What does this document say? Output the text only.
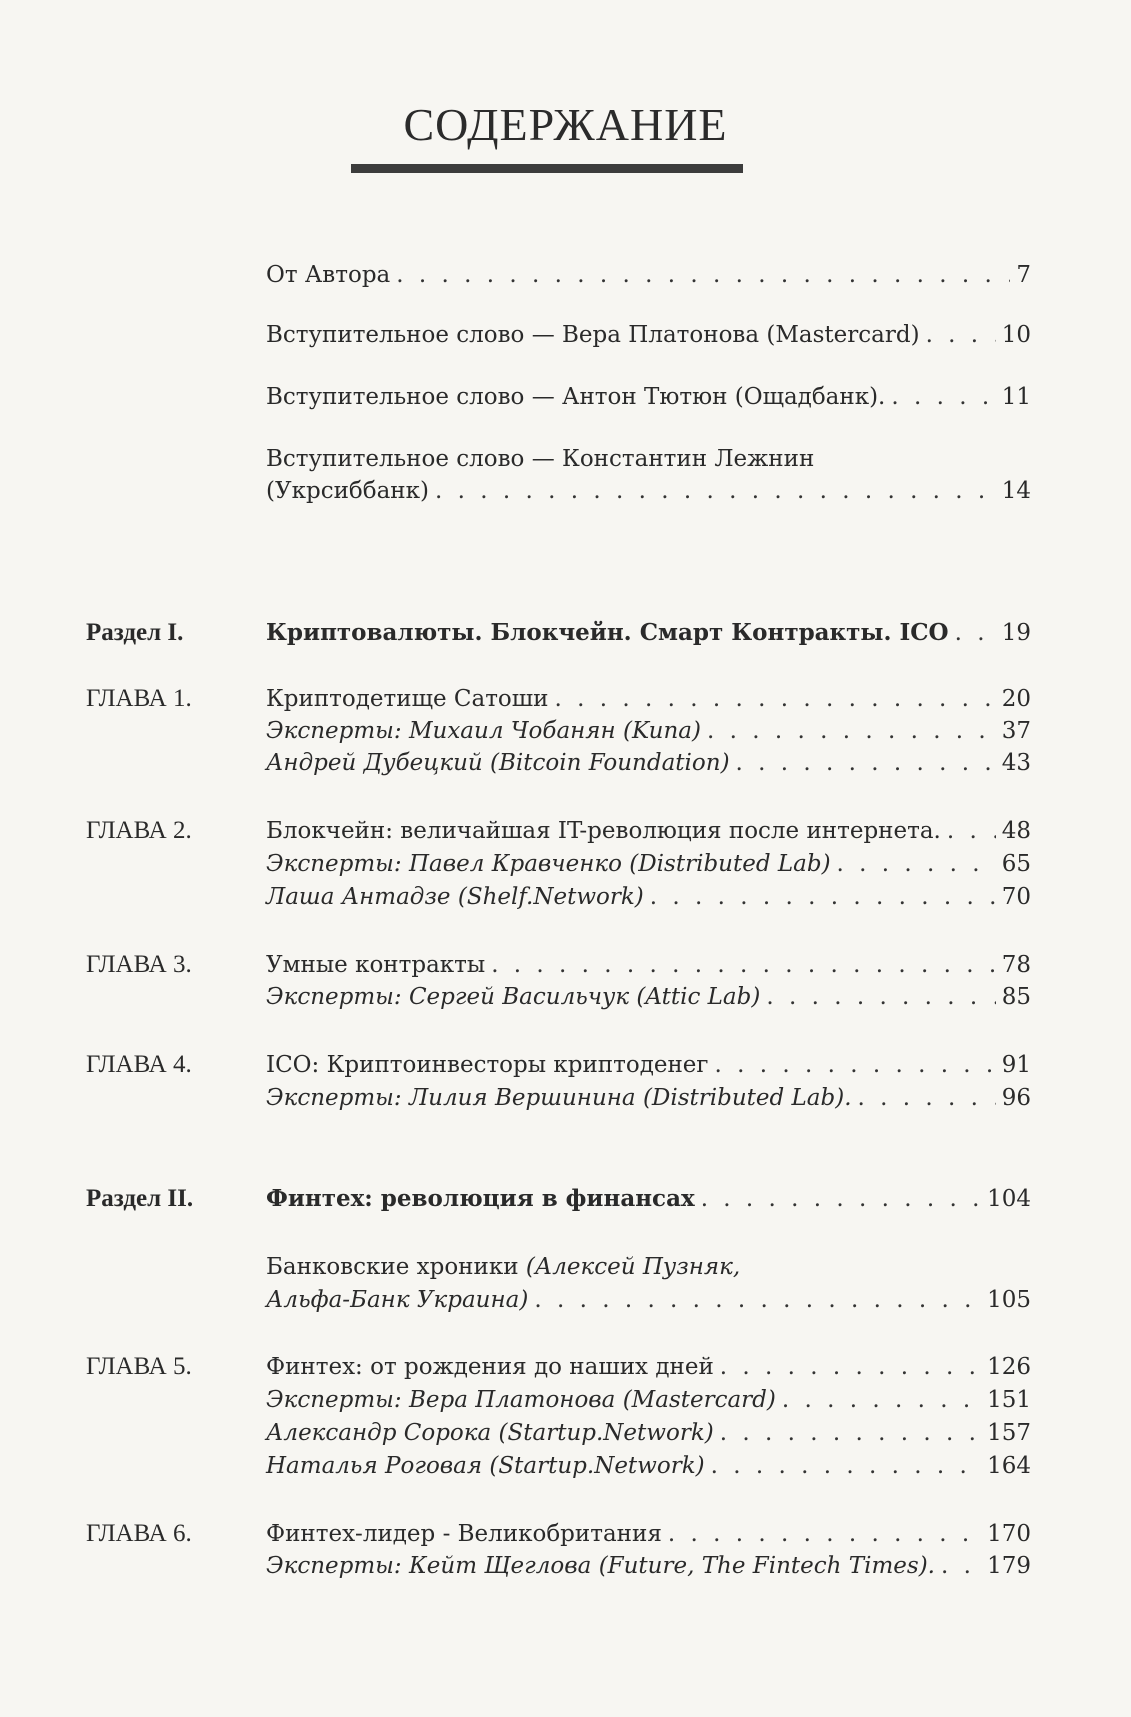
СОДЕРЖАНИЕ
От Автора . . .	7
Вступительное слово — Вера Платонова (Mastercard) . . .	10
Вступительное слово — Антон Тютюн (Ощадбанк). . . .	11
Вступительное слово — Константин Лежнин
(Укрсиббанк) . . .	14
Раздел I.	Криптовалюты. Блокчейн. Смарт Контракты. ICO . . . 19
ГЛАВА 1.	Криптодетище Сатоши . . .	20
Эксперты: Михаил Чобанян (Kuna) . . .	37
Андрей Дубецкий (Bitcoin Foundation) . . .	43
ГЛАВА 2.	Блокчейн: величайшая IT-революция после интернета. . . .	48
Эксперты: Павел Кравченко (Distributed Lab) . . .	65
Лаша Антадзе (Shelf.Network) . . .	70
ГЛАВА 3.	Умные контракты . . .	78
Эксперты: Сергей Васильчук (Attic Lab) . . .	85
ГЛАВА 4.	ICO: Криптоинвесторы криптоденег . . .	91
Эксперты: Лилия Вершинина (Distributed Lab). . . .	96
Раздел II.	Финтех: революция в финансах . . .	104
Банковские хроники (Алексей Пузняк,
Альфа-Банк Украина) . . .	105
ГЛАВА 5.	Финтех: от рождения до наших дней . . .	126
Эксперты: Вера Платонова (Mastercard) . . .	151
Александр Сорока (Startup.Network) . . .	157
Наталья Роговая (Startup.Network) . . .	164
ГЛАВА 6.	Финтех-лидер - Великобритания . . .	170
Эксперты: Кейт Щеглова (Future, The Fintech Times). . . . 179
